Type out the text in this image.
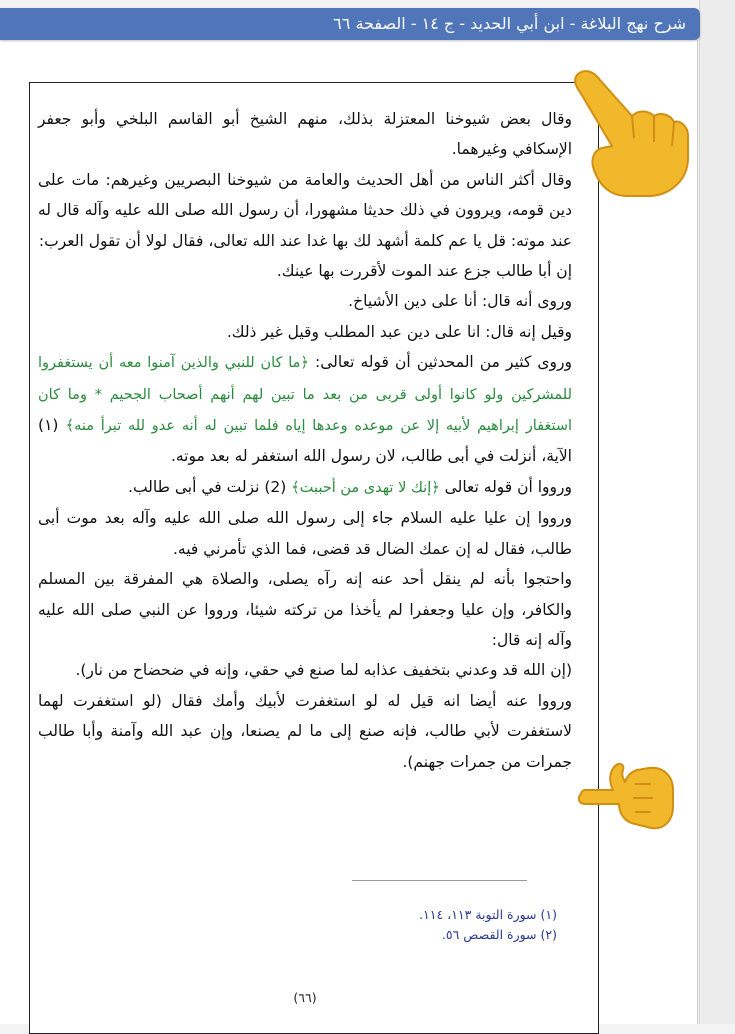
شرح نهج البلاغة - ابن أبي الحديد - ج ١٤ - الصفحة ٦٦

وقال بعض شيوخنا المعتزلة بذلك، منهم الشيخ أبو القاسم البلخي وأبو جعفر الإسكافي وغيرهما.

وقال أكثر الناس من أهل الحديث والعامة من شيوخنا البصريين وغيرهم: مات على دين قومه، ويروون في ذلك حديثا مشهورا، أن رسول الله صلى الله عليه وآله قال له عند موته: قل يا عم كلمة أشهد لك بها غدا عند الله تعالى، فقال لولا أن تقول العرب:

إن أبا طالب جزع عند الموت لأقررت بها عينك.

وروى أنه قال: أنا على دين الأشياخ.

وقيل إنه قال: انا على دين عبد المطلب وقيل غير ذلك.

وروى كثير من المحدثين أن قوله تعالى: ﴿ما كان للنبي والذين آمنوا معه أن يستغفروا للمشركين ولو كانوا أولى قربى من بعد ما تبين لهم أنهم أصحاب الجحيم * وما كان استغفار إبراهيم لأبيه إلا عن موعده وعدها إياه فلما تبين له أنه عدو لله تبرأ منه﴾ (١) الآية، أنزلت في أبى طالب، لان رسول الله استغفر له بعد موته.

ورووا أن قوله تعالى ﴿إنك لا تهدى من أحببت﴾ (2) نزلت في أبى طالب.

ورووا إن عليا عليه السلام جاء إلى رسول الله صلى الله عليه وآله بعد موت أبى طالب، فقال له إن عمك الضال قد قضى، فما الذي تأمرني فيه.

واحتجوا بأنه لم ينقل أحد عنه إنه رآه يصلى، والصلاة هي المفرقة بين المسلم والكافر، وإن عليا وجعفرا لم يأخذا من تركته شيئا، ورووا عن النبي صلى الله عليه وآله إنه قال:

(إن الله قد وعدني بتخفيف عذابه لما صنع في حقي، وإنه في ضحضاح من نار).

ورووا عنه أيضا انه قيل له لو استغفرت لأبيك وأمك فقال (لو استغفرت لهما لاستغفرت لأبي طالب، فإنه صنع إلى ما لم يصنعا، وإن عبد الله وآمنة وأبا طالب جمرات من جمرات جهنم).

(١) سورة التوبة ١١٣، ١١٤.

(٢) سورة القصص ٥٦.

(٦٦)
